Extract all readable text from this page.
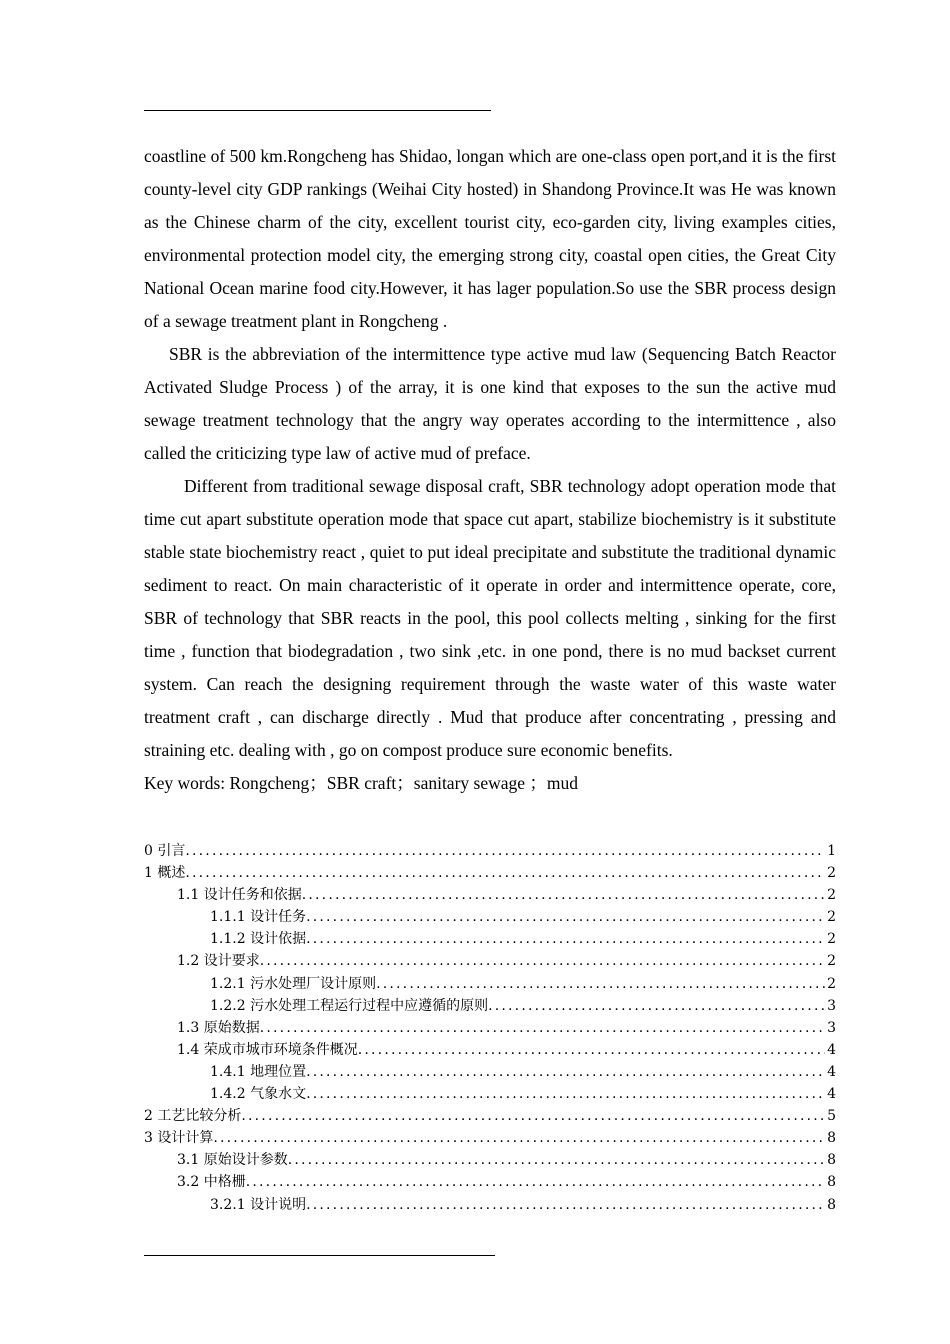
coastline of 500 km.Rongcheng has Shidao, longan which are one-class open port,and it is the first county-level city GDP rankings (Weihai City hosted) in Shandong Province.It was He was known as the Chinese charm of the city, excellent tourist city, eco-garden city, living examples cities, environmental protection model city, the emerging strong city, coastal open cities, the Great City National Ocean marine food city.However, it has lager population.So use the SBR process design of a sewage treatment plant in Rongcheng .

SBR is the abbreviation of the intermittence type active mud law (Sequencing Batch Reactor Activated Sludge Process ) of the array, it is one kind that exposes to the sun the active mud sewage treatment technology that the angry way operates according to the intermittence , also called the criticizing type law of active mud of preface.

Different from traditional sewage disposal craft, SBR technology adopt operation mode that time cut apart substitute operation mode that space cut apart, stabilize biochemistry is it substitute stable state biochemistry react , quiet to put ideal precipitate and substitute the traditional dynamic sediment to react. On main characteristic of it operate in order and intermittence operate, core, SBR of technology that SBR reacts in the pool, this pool collects melting , sinking for the first time , function that biodegradation , two sink ,etc. in one pond, there is no mud backset current system. Can reach the designing requirement through the waste water of this waste water treatment craft , can discharge directly . Mud that produce after concentrating , pressing and straining etc. dealing with , go on compost produce sure economic benefits.

Key words: Rongcheng；SBR craft；sanitary sewage ；mud

0 引言 .....	1
1 概述 .....	2
1.1 设计任务和依据 .....	2
1.1.1 设计任务 .....	2
1.1.2 设计依据 .....	2
1.2 设计要求 .....	2
1.2.1 污水处理厂设计原则 .....	2
1.2.2 污水处理工程运行过程中应遵循的原则 .....	3
1.3 原始数据 .....	3
1.4 荣成市城市环境条件概况 .....	4
1.4.1 地理位置 .....	4
1.4.2 气象水文 .....	4
2 工艺比较分析 .....	5
3 设计计算 .....	8
3.1 原始设计参数 .....	8
3.2 中格栅 .....	8
3.2.1 设计说明 .....	8
